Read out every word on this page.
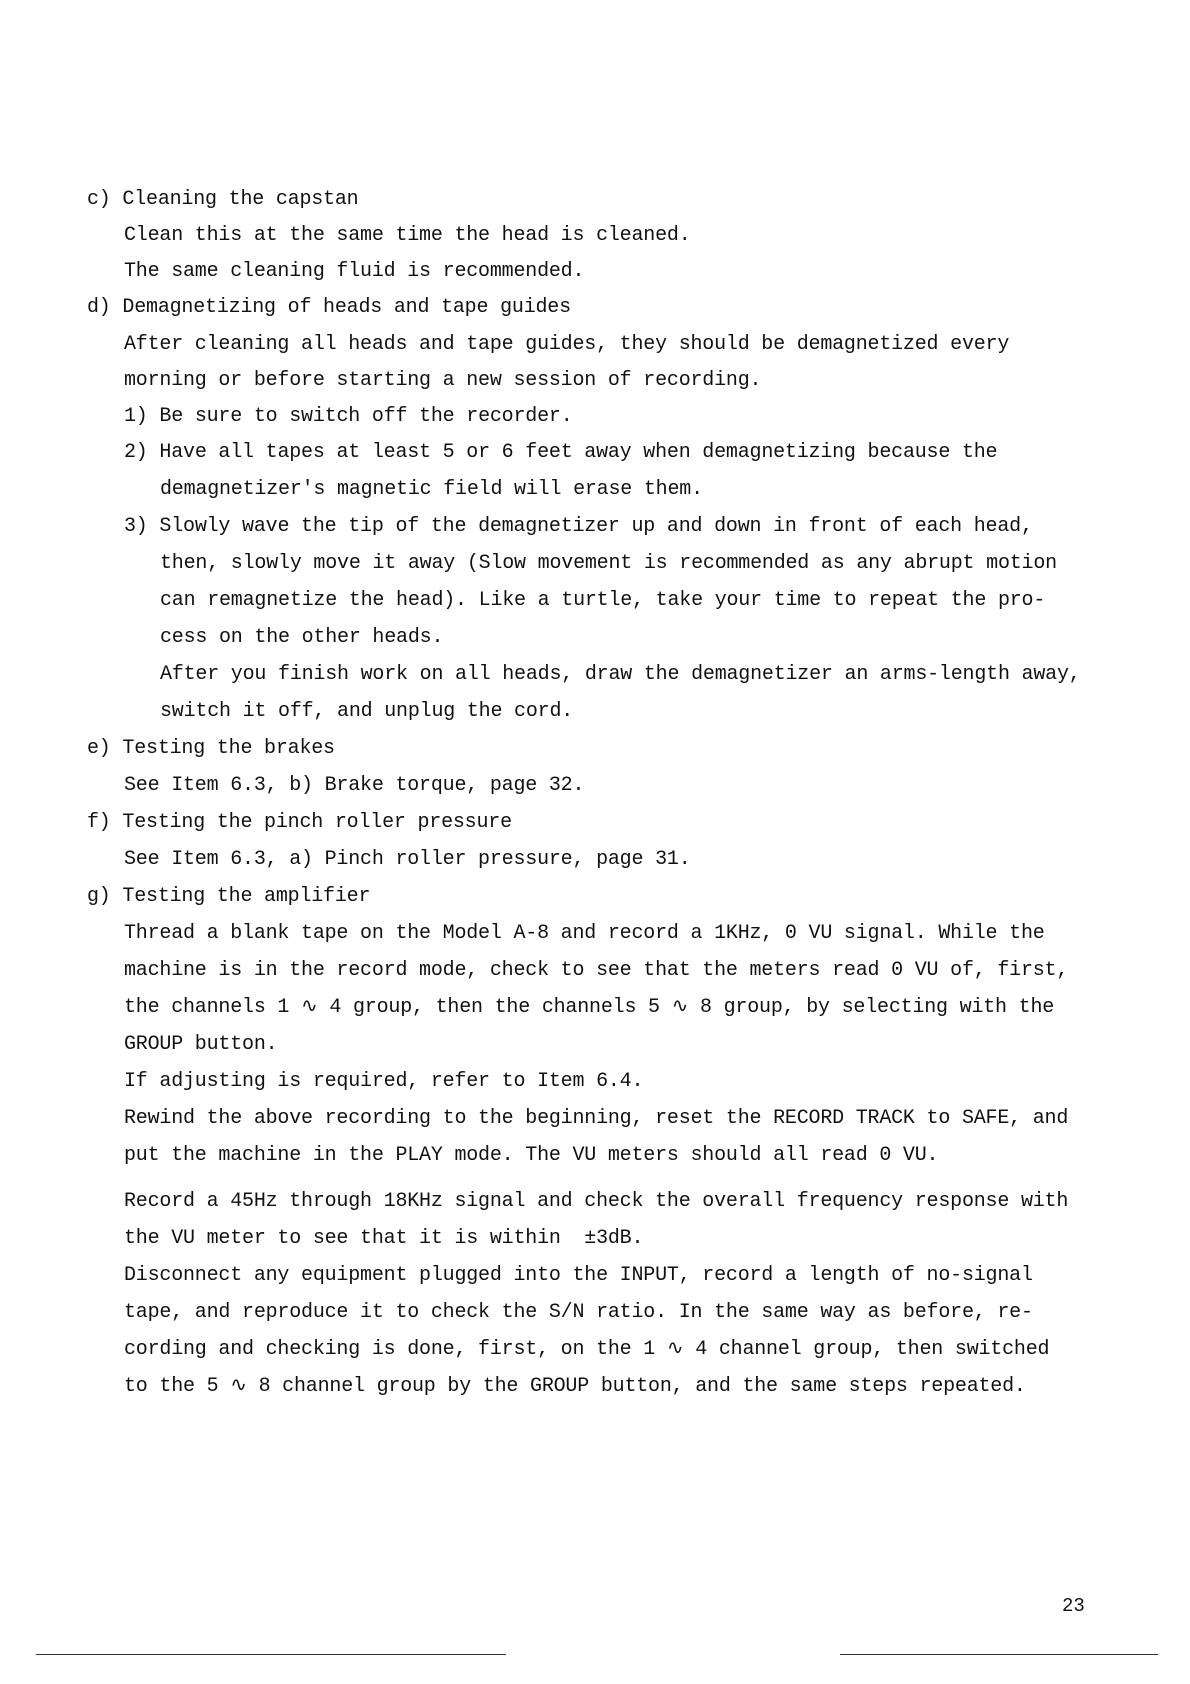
c) Cleaning the capstan
Clean this at the same time the head is cleaned.
The same cleaning fluid is recommended.
d) Demagnetizing of heads and tape guides
After cleaning all heads and tape guides, they should be demagnetized every
morning or before starting a new session of recording.
1) Be sure to switch off the recorder.
2) Have all tapes at least 5 or 6 feet away when demagnetizing because the
demagnetizer's magnetic field will erase them.
3) Slowly wave the tip of the demagnetizer up and down in front of each head,
then, slowly move it away (Slow movement is recommended as any abrupt motion
can remagnetize the head). Like a turtle, take your time to repeat the pro-
cess on the other heads.
After you finish work on all heads, draw the demagnetizer an arms-length away,
switch it off, and unplug the cord.
e) Testing the brakes
See Item 6.3, b) Brake torque, page 32.
f) Testing the pinch roller pressure
See Item 6.3, a) Pinch roller pressure, page 31.
g) Testing the amplifier
Thread a blank tape on the Model A-8 and record a 1KHz, 0 VU signal. While the
machine is in the record mode, check to see that the meters read 0 VU of, first,
the channels 1 ∿ 4 group, then the channels 5 ∿ 8 group, by selecting with the
GROUP button.
If adjusting is required, refer to Item 6.4.
Rewind the above recording to the beginning, reset the RECORD TRACK to SAFE, and
put the machine in the PLAY mode. The VU meters should all read 0 VU.
Record a 45Hz through 18KHz signal and check the overall frequency response with
the VU meter to see that it is within  ±3dB.
Disconnect any equipment plugged into the INPUT, record a length of no-signal
tape, and reproduce it to check the S/N ratio. In the same way as before, re-
cording and checking is done, first, on the 1 ∿ 4 channel group, then switched
to the 5 ∿ 8 channel group by the GROUP button, and the same steps repeated.
23
